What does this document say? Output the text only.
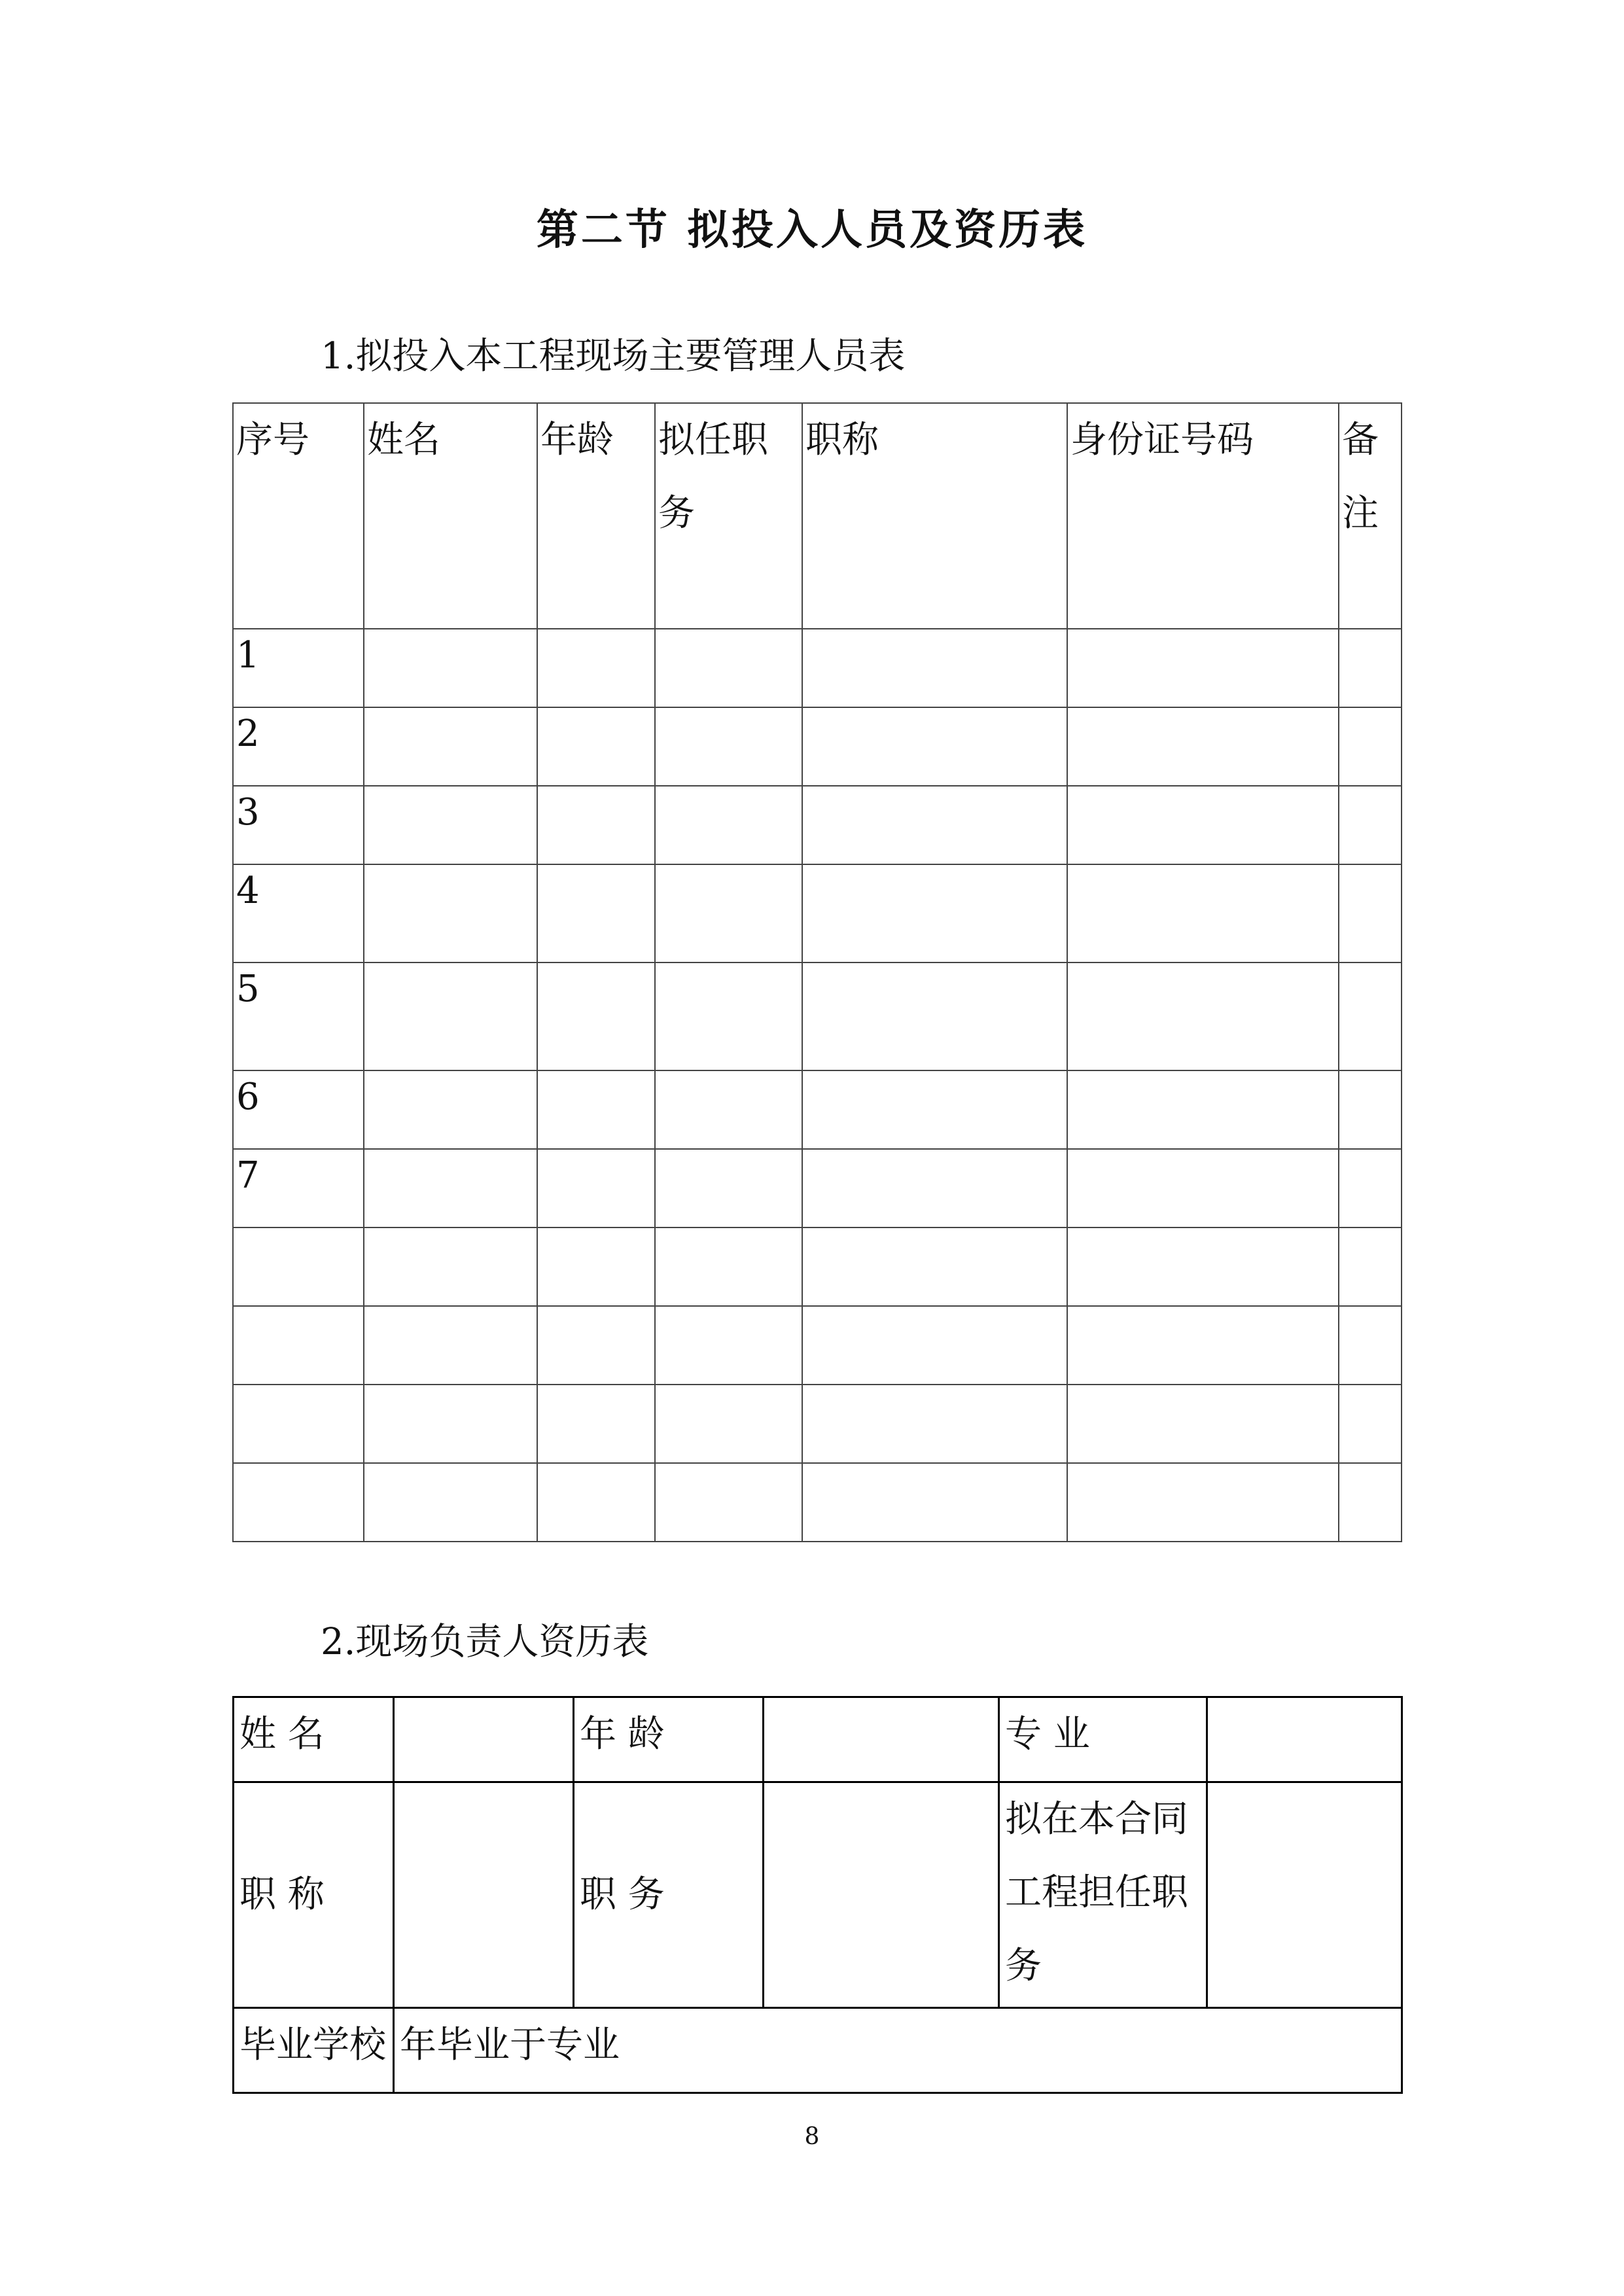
第二节 拟投入人员及资历表
1.拟投入本工程现场主要管理人员表
序号	姓名	年龄	拟任职务	职称	身份证号码	备注
1						
2						
3						
4						
5						
6						
7						

2.现场负责人资历表
姓 名		年 龄		专 业	
职 称		职 务		拟在本合同工程担任职务	
毕业学校	年毕业于专业				
8
